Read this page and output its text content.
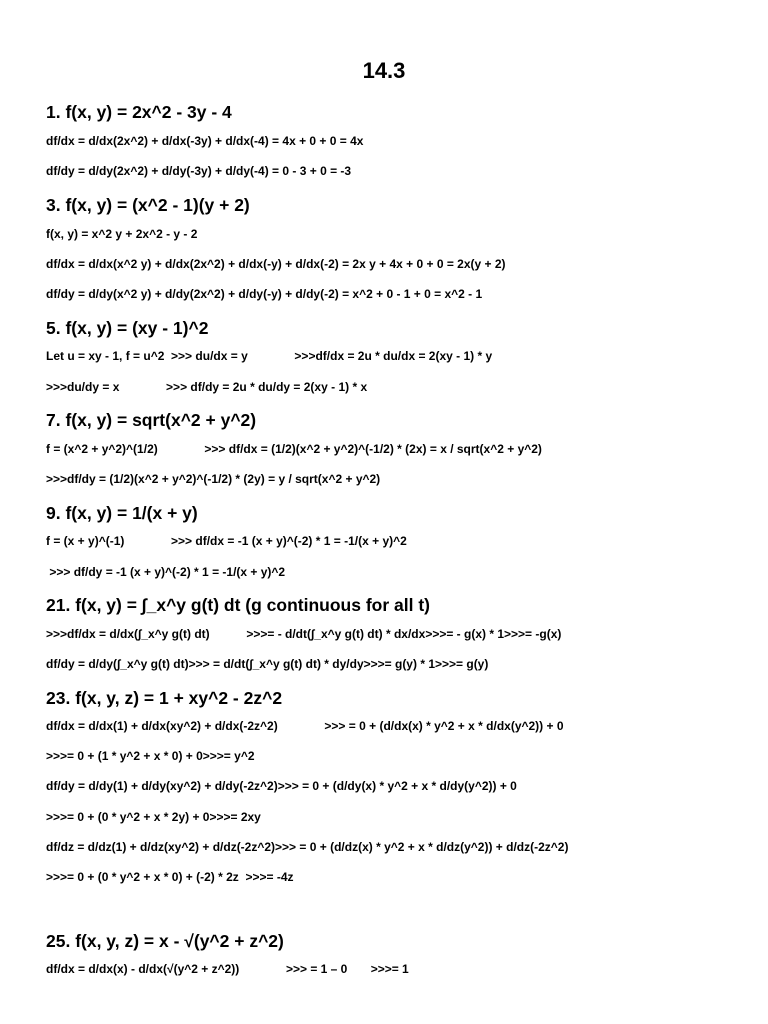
14.3
1. f(x, y) = 2x^2 - 3y - 4
df/dx = d/dx(2x^2) + d/dx(-3y) + d/dx(-4) = 4x + 0 + 0 = 4x
df/dy = d/dy(2x^2) + d/dy(-3y) + d/dy(-4) = 0 - 3 + 0 = -3
3. f(x, y) = (x^2 - 1)(y + 2)
f(x, y) = x^2 y + 2x^2 - y - 2
df/dx = d/dx(x^2 y) + d/dx(2x^2) + d/dx(-y) + d/dx(-2) = 2x y + 4x + 0 + 0 = 2x(y + 2)
df/dy = d/dy(x^2 y) + d/dy(2x^2) + d/dy(-y) + d/dy(-2) = x^2 + 0 - 1 + 0 = x^2 - 1
5. f(x, y) = (xy - 1)^2
Let u = xy - 1, f = u^2  >>> du/dx = y              >>>df/dx = 2u * du/dx = 2(xy - 1) * y
>>>du/dy = x              >>> df/dy = 2u * du/dy = 2(xy - 1) * x
7. f(x, y) = sqrt(x^2 + y^2)
f = (x^2 + y^2)^(1/2)              >>> df/dx = (1/2)(x^2 + y^2)^(-1/2) * (2x) = x / sqrt(x^2 + y^2)
>>>df/dy = (1/2)(x^2 + y^2)^(-1/2) * (2y) = y / sqrt(x^2 + y^2)
9. f(x, y) = 1/(x + y)
f = (x + y)^(-1)              >>> df/dx = -1 (x + y)^(-2) * 1 = -1/(x + y)^2
>>> df/dy = -1 (x + y)^(-2) * 1 = -1/(x + y)^2
21. f(x, y) = ∫_x^y g(t) dt (g continuous for all t)
>>>df/dx = d/dx(∫_x^y g(t) dt)           >>>= - d/dt(∫_x^y g(t) dt) * dx/dx>>>= - g(x) * 1>>>= -g(x)
df/dy = d/dy(∫_x^y g(t) dt)>>> = d/dt(∫_x^y g(t) dt) * dy/dy>>>= g(y) * 1>>>= g(y)
23. f(x, y, z) = 1 + xy^2 - 2z^2
df/dx = d/dx(1) + d/dx(xy^2) + d/dx(-2z^2)              >>> = 0 + (d/dx(x) * y^2 + x * d/dx(y^2)) + 0
>>>= 0 + (1 * y^2 + x * 0) + 0>>>= y^2
df/dy = d/dy(1) + d/dy(xy^2) + d/dy(-2z^2)>>> = 0 + (d/dy(x) * y^2 + x * d/dy(y^2)) + 0
>>>= 0 + (0 * y^2 + x * 2y) + 0>>>= 2xy
df/dz = d/dz(1) + d/dz(xy^2) + d/dz(-2z^2)>>> = 0 + (d/dz(x) * y^2 + x * d/dz(y^2)) + d/dz(-2z^2)
>>>= 0 + (0 * y^2 + x * 0) + (-2) * 2z  >>>= -4z
25. f(x, y, z) = x - √(y^2 + z^2)
df/dx = d/dx(x) - d/dx(√(y^2 + z^2))              >>> = 1 – 0       >>>= 1
